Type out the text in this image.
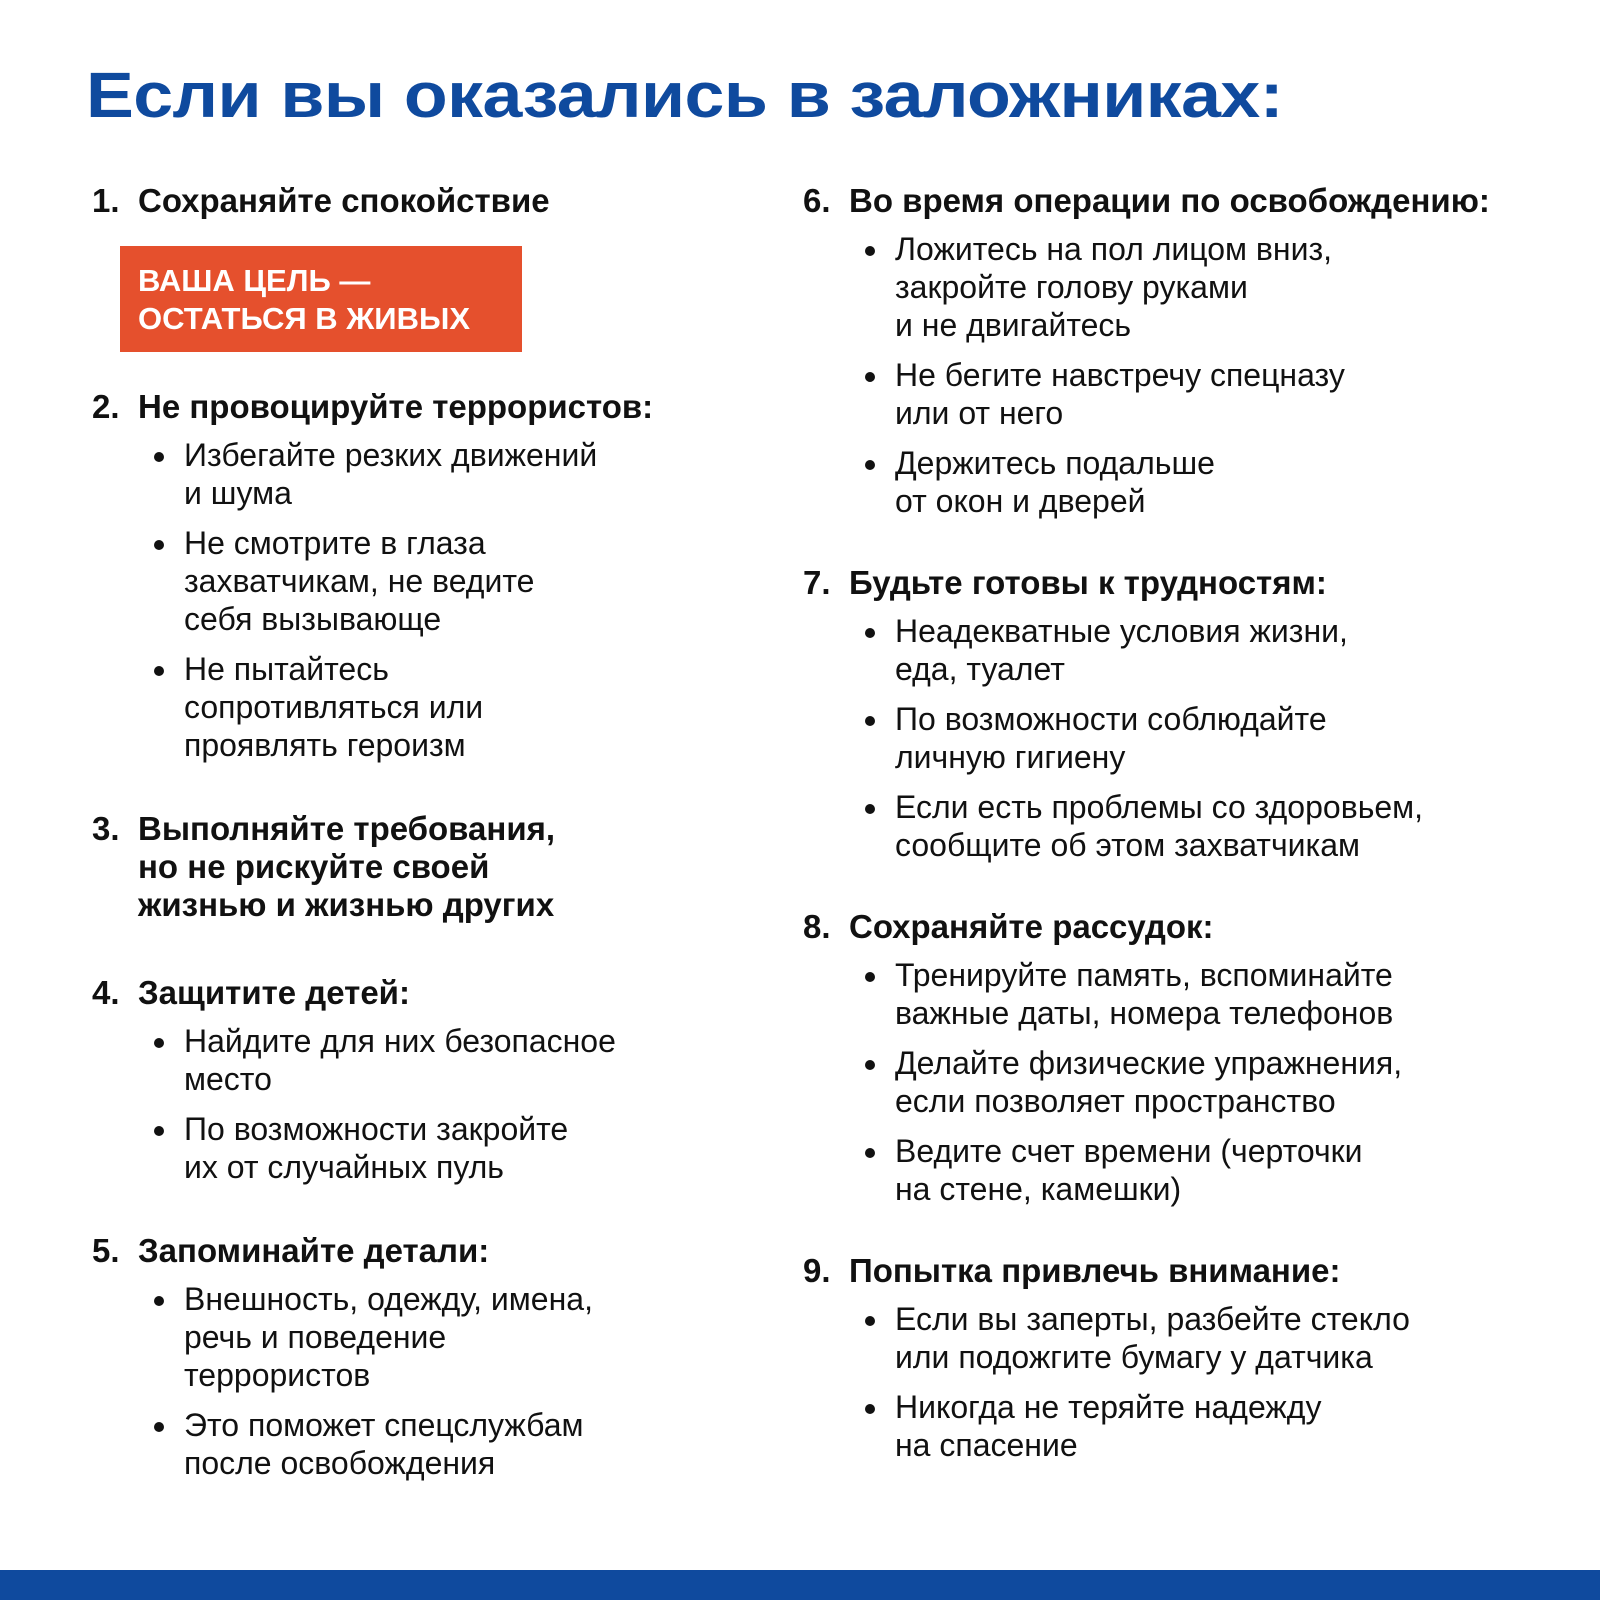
Если вы оказались в заложниках:
1. Сохраняйте спокойствие
ВАША ЦЕЛЬ —
ОСТАТЬСЯ В ЖИВЫХ
2. Не провоцируйте террористов:
Избегайте резких движений
и шума
Не смотрите в глаза
захватчикам, не ведите
себя вызывающе
Не пытайтесь
сопротивляться или
проявлять героизм
3. Выполняйте требования,
но не рискуйте своей
жизнью и жизнью других
4. Защитите детей:
Найдите для них безопасное
место
По возможности закройте
их от случайных пуль
5. Запоминайте детали:
Внешность, одежду, имена,
речь и поведение
террористов
Это поможет спецслужбам
после освобождения
6. Во время операции по освобождению:
Ложитесь на пол лицом вниз,
закройте голову руками
и не двигайтесь
Не бегите навстречу спецназу
или от него
Держитесь подальше
от окон и дверей
7. Будьте готовы к трудностям:
Неадекватные условия жизни,
еда, туалет
По возможности соблюдайте
личную гигиену
Если есть проблемы со здоровьем,
сообщите об этом захватчикам
8. Сохраняйте рассудок:
Тренируйте память, вспоминайте
важные даты, номера телефонов
Делайте физические упражнения,
если позволяет пространство
Ведите счет времени (черточки
на стене, камешки)
9. Попытка привлечь внимание:
Если вы заперты, разбейте стекло
или подожгите бумагу у датчика
Никогда не теряйте надежду
на спасение
